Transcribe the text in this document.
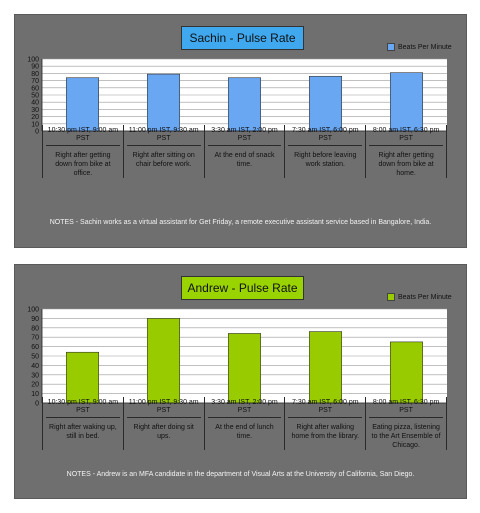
Sachin - Pulse Rate
Beats Per Minute
0
10
20
30
40
50
60
70
80
90
100
10:30 pm IST, 9:00 am PST
Right after getting down from bike at office.
11:00 pm IST, 9:30 am PST
Right after sitting on chair before work.
3:30 am IST, 2:00 pm PST
At the end of snack time.
7:30 am IST, 6:00 pm PST
Right before leaving work station.
8:00 am IST, 6:30 pm PST
Right after getting down from bike at home.
NOTES - Sachin works as a virtual assistant for Get Friday, a remote executive assistant service based in Bangalore, India.
Andrew - Pulse Rate
Beats Per Minute
0
10
20
30
40
50
60
70
80
90
100
10:30 pm IST, 9:00 am PST
Right after waking up, still in bed.
11:00 pm IST, 9:30 am PST
Right after doing sit ups.
3:30 am IST, 2:00 pm PST
At the end of lunch time.
7:30 am IST, 6:00 pm PST
Right after walking home from the library.
8:00 am IST, 6:30 pm PST
Eating pizza, listening to the Art Ensemble of Chicago.
NOTES - Andrew is an MFA candidate in the department of Visual Arts at the University of California, San Diego.
